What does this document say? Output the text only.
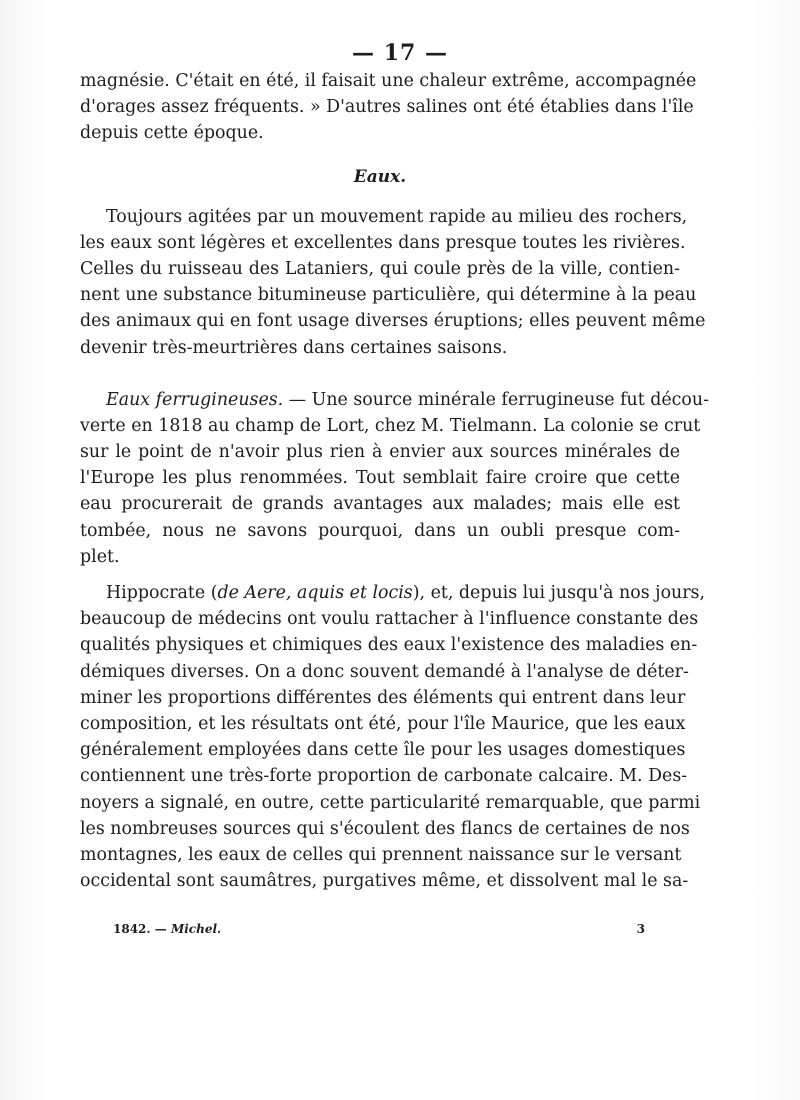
— 17 —
magnésie. C'était en été, il faisait une chaleur extrême, accompagnée
d'orages assez fréquents. » D'autres salines ont été établies dans l'île
depuis cette époque.
Eaux.
Toujours agitées par un mouvement rapide au milieu des rochers,
les eaux sont légères et excellentes dans presque toutes les rivières.
Celles du ruisseau des Lataniers, qui coule près de la ville, contien-
nent une substance bitumineuse particulière, qui détermine à la peau
des animaux qui en font usage diverses éruptions; elles peuvent même
devenir très-meurtrières dans certaines saisons.
Eaux ferrugineuses. — Une source minérale ferrugineuse fut décou-
verte en 1818 au champ de Lort, chez M. Tielmann. La colonie se crut
sur le point de n'avoir plus rien à envier aux sources minérales de
l'Europe les plus renommées. Tout semblait faire croire que cette
eau procurerait de grands avantages aux malades; mais elle est
tombée, nous ne savons pourquoi, dans un oubli presque com-
plet.
Hippocrate (de Aere, aquis et locis), et, depuis lui jusqu'à nos jours,
beaucoup de médecins ont voulu rattacher à l'influence constante des
qualités physiques et chimiques des eaux l'existence des maladies en-
démiques diverses. On a donc souvent demandé à l'analyse de déter-
miner les proportions différentes des éléments qui entrent dans leur
composition, et les résultats ont été, pour l'île Maurice, que les eaux
généralement employées dans cette île pour les usages domestiques
contiennent une très-forte proportion de carbonate calcaire. M. Des-
noyers a signalé, en outre, cette particularité remarquable, que parmi
les nombreuses sources qui s'écoulent des flancs de certaines de nos
montagnes, les eaux de celles qui prennent naissance sur le versant
occidental sont saumâtres, purgatives même, et dissolvent mal le sa-
1842. — Michel.	3
